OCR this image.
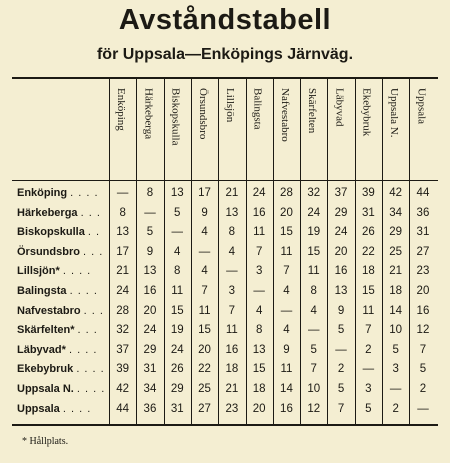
Avståndstabell
för Uppsala—Enköpings Järnväg.
Enköping Härkeberga Biskopskulla Örsundsbro Lillsjön Balingsta Nafvestabro Skärfelten Läbyvad Ekebybruk Uppsala N. Uppsala
Enköping . . . .	—	8	13	17	21	24	28	32	37	39	42	44
Härkeberga . . .	8	—	5	9	13	16	20	24	29	31	34	36
Biskopskulla . .	13	5	—	4	8	11	15	19	24	26	29	31
Örsundsbro . . .	17	9	4	—	4	7	11	15	20	22	25	27
Lillsjön* . . . .	21	13	8	4	—	3	7	11	16	18	21	23
Balingsta . . . .	24	16	11	7	3	—	4	8	13	15	18	20
Nafvestabro . . .	28	20	15	11	7	4	—	4	9	11	14	16
Skärfelten* . . .	32	24	19	15	11	8	4	—	5	7	10	12
Läbyvad* . . . .	37	29	24	20	16	13	9	5	—	2	5	7
Ekebybruk . . . .	39	31	26	22	18	15	11	7	2	—	3	5
Uppsala N. . . . . 42	34	29	25	21	18	14	10	5	3	—	2
Uppsala . . . .	44	36	31	27	23	20	16	12	7	5	2	—
* Hållplats.
